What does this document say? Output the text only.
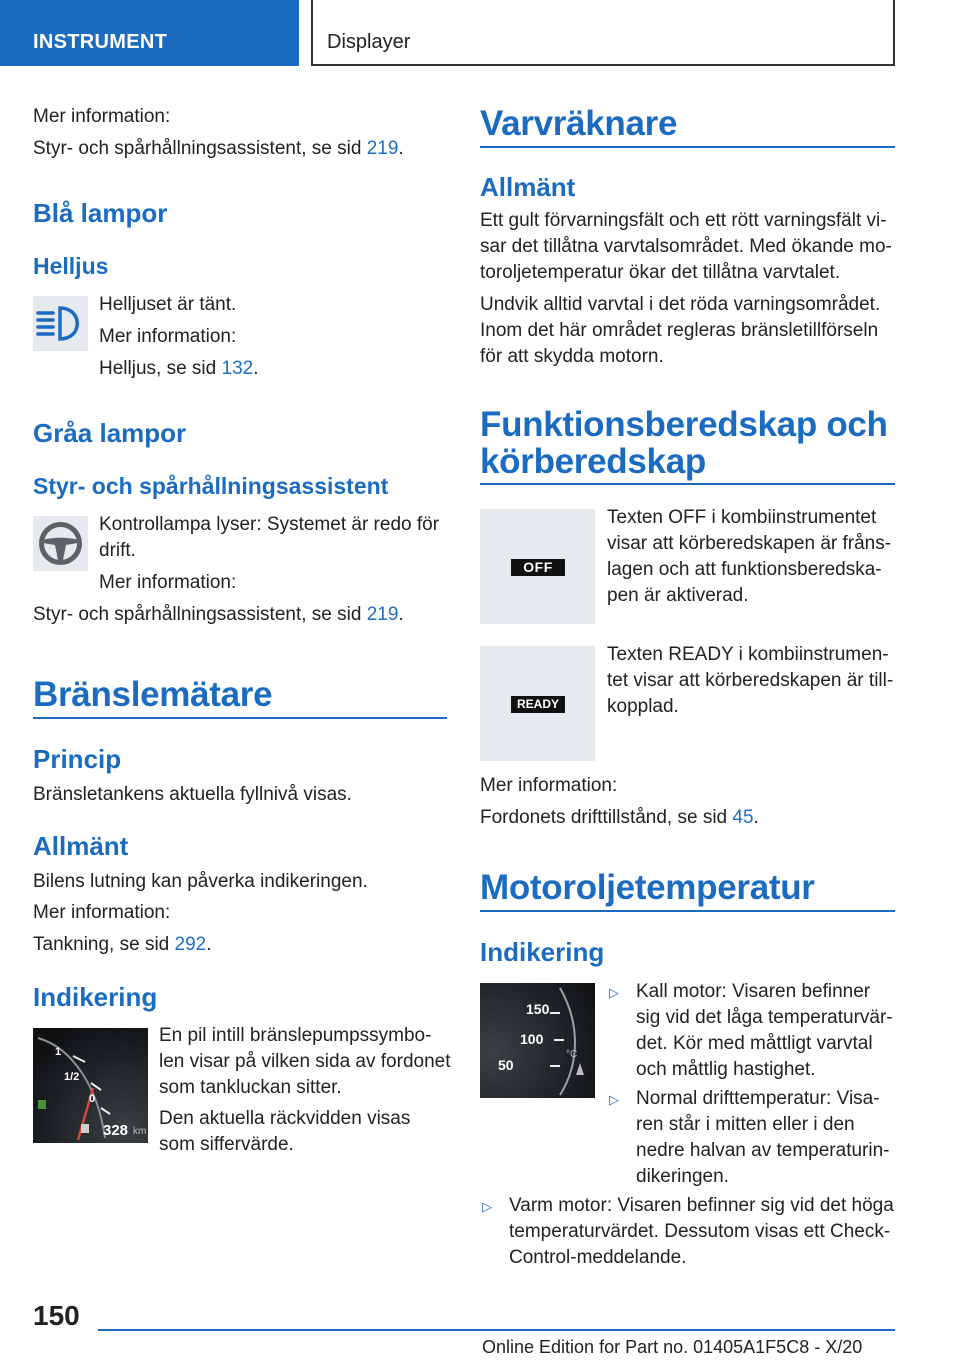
INSTRUMENT	Displayer
Mer information:
Styr- och spårhållningsassistent, se sid 219.
Blå lampor
Helljus
Helljuset är tänt.
Mer information:
Helljus, se sid 132.
Gråa lampor
Styr- och spårhållningsassistent
Kontrollampa lyser: Systemet är redo för
drift.
Mer information:
Styr- och spårhållningsassistent, se sid 219.
Bränslemätare
Princip
Bränsletankens aktuella fyllnivå visas.
Allmänt
Bilens lutning kan påverka indikeringen.
Mer information:
Tankning, se sid 292.
Indikering
1
1/2
0
328 km
En pil intill bränslepumpssymbo-
len visar på vilken sida av fordonet
som tankluckan sitter.
Den aktuella räckvidden visas
som siffervärde.
Varvräknare
Allmänt
Ett gult förvarningsfält och ett rött varningsfält vi-
sar det tillåtna varvtalsområdet. Med ökande mo-
toroljetemperatur ökar det tillåtna varvtalet.
Undvik alltid varvtal i det röda varningsområdet.
Inom det här området regleras bränsletillförseln
för att skydda motorn.
Funktionsberedskap och
körberedskap
OFF
Texten OFF i kombiinstrumentet
visar att körberedskapen är fråns-
lagen och att funktionsberedska-
pen är aktiverad.
READY
Texten READY i kombiinstrumen-
tet visar att körberedskapen är till-
kopplad.
Mer information:
Fordonets drifttillstånd, se sid 45.
Motoroljetemperatur
Indikering
150
100
50
°C
▷ Kall motor: Visaren befinner
sig vid det låga temperaturvär-
det. Kör med måttligt varvtal
och måttlig hastighet.
▷ Normal drifttemperatur: Visa-
ren står i mitten eller i den
nedre halvan av temperaturin-
dikeringen.
▷ Varm motor: Visaren befinner sig vid det höga
temperaturvärdet. Dessutom visas ett Check-
Control-meddelande.
150
Online Edition for Part no. 01405A1F5C8 - X/20
